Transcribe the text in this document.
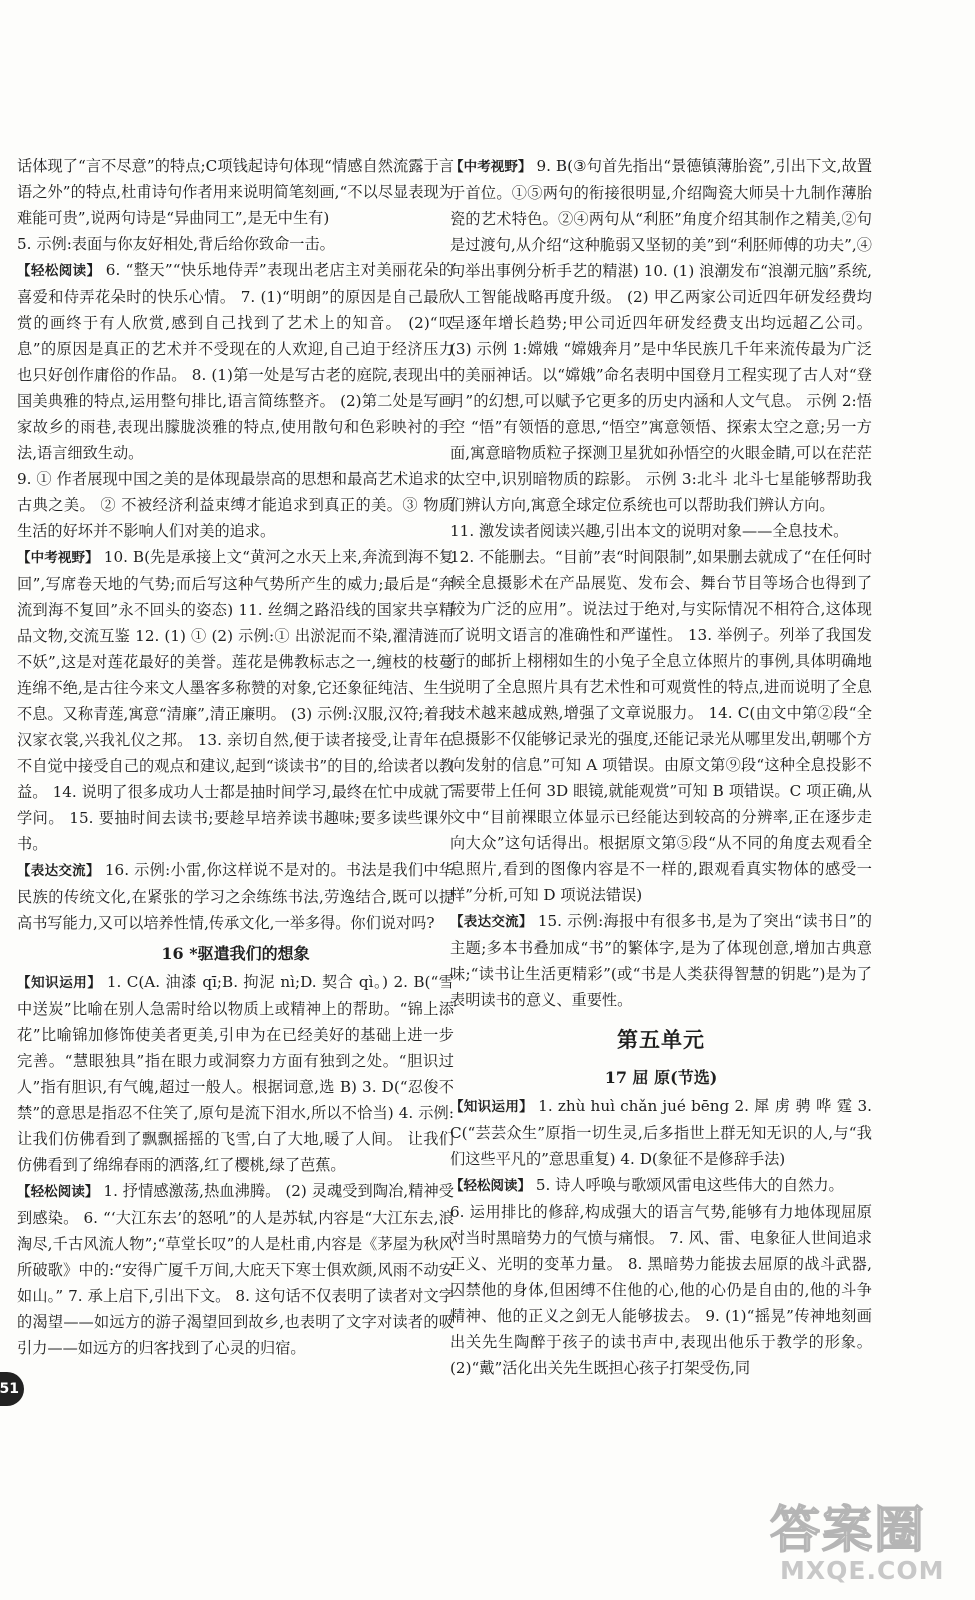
话体现了“言不尽意”的特点;C项钱起诗句体现“情感自然流露于言语之外”的特点,杜甫诗句作者用来说明简笔刻画,“不以尽显表现为难能可贵”,说两句诗是“异曲同工”,是无中生有)

5. 示例:表面与你友好相处,背后给你致命一击。

【轻松阅读】 6. “整天”“快乐地侍弄”表现出老店主对美丽花朵的喜爱和侍弄花朵时的快乐心情。 7. (1)“明朗”的原因是自己最欣赏的画终于有人欣赏,感到自己找到了艺术上的知音。 (2)“叹息”的原因是真正的艺术并不受现在的人欢迎,自己迫于经济压力也只好创作庸俗的作品。 8. (1)第一处是写古老的庭院,表现出中国美典雅的特点,运用整句排比,语言简练整齐。 (2)第二处是写画家故乡的雨巷,表现出朦胧淡雅的特点,使用散句和色彩映衬的手法,语言细致生动。

9. ① 作者展现中国之美的是体现最崇高的思想和最高艺术追求的古典之美。 ② 不被经济利益束缚才能追求到真正的美。③ 物质生活的好坏并不影响人们对美的追求。

【中考视野】 10. B(先是承接上文“黄河之水天上来,奔流到海不复回”,写席卷天地的气势;而后写这种气势所产生的威力;最后是“奔流到海不复回”永不回头的姿态) 11. 丝绸之路沿线的国家共享精品文物,交流互鉴 12. (1) ① (2) 示例:① 出淤泥而不染,濯清涟而不妖”,这是对莲花最好的美誉。莲花是佛教标志之一,缠枝的枝蔓连绵不绝,是古往今来文人墨客多称赞的对象,它还象征纯洁、生生不息。又称青莲,寓意“清廉”,清正廉明。 (3) 示例:汉服,汉符;着我汉家衣裳,兴我礼仪之邦。 13. 亲切自然,便于读者接受,让青年在不自觉中接受自己的观点和建议,起到“谈读书”的目的,给读者以教益。 14. 说明了很多成功人士都是抽时间学习,最终在忙中成就了学问。 15. 要抽时间去读书;要趁早培养读书趣味;要多读些课外书。

【表达交流】 16. 示例:小雷,你这样说不是对的。书法是我们中华民族的传统文化,在紧张的学习之余练练书法,劳逸结合,既可以提高书写能力,又可以培养性情,传承文化,一举多得。你们说对吗?

16 *驱遣我们的想象

【知识运用】 1. C(A. 油漆 qī;B. 拘泥 nì;D. 契合 qì。) 2. B(“雪中送炭”比喻在别人急需时给以物质上或精神上的帮助。“锦上添花”比喻锦加修饰使美者更美,引申为在已经美好的基础上进一步完善。“慧眼独具”指在眼力或洞察力方面有独到之处。“胆识过人”指有胆识,有气魄,超过一般人。根据词意,选 B) 3. D(“忍俊不禁”的意思是指忍不住笑了,原句是流下泪水,所以不恰当) 4. 示例:让我们仿佛看到了飘飘摇摇的飞雪,白了大地,暖了人间。 让我们仿佛看到了绵绵春雨的洒落,红了樱桃,绿了芭蕉。

【轻松阅读】 1. 抒情感激荡,热血沸腾。 (2) 灵魂受到陶冶,精神受到感染。 6. “‘大江东去’的怒吼”的人是苏轼,内容是“大江东去,浪淘尽,千古风流人物”;“草堂长叹”的人是杜甫,内容是《茅屋为秋风所破歌》中的:“安得广厦千万间,大庇天下寒士俱欢颜,风雨不动安如山。” 7. 承上启下,引出下文。 8. 这句话不仅表明了读者对文字的渴望——如远方的游子渴望回到故乡,也表明了文字对读者的吸引力——如远方的归客找到了心灵的归宿。

【中考视野】 9. B(③句首先指出“景德镇薄胎瓷”,引出下文,故置于首位。①⑤两句的衔接很明显,介绍陶瓷大师吴十九制作薄胎瓷的艺术特色。②④两句从“利胚”角度介绍其制作之精美,②句是过渡句,从介绍“这种脆弱又坚韧的美”到“利胚师傅的功夫”,④句举出事例分析手艺的精湛) 10. (1) 浪潮发布“浪潮元脑”系统,人工智能战略再度升级。 (2) 甲乙两家公司近四年研发经费均呈逐年增长趋势;甲公司近四年研发经费支出均远超乙公司。 (3) 示例 1:嫦娥 “嫦娥奔月”是中华民族几千年来流传最为广泛的美丽神话。以“嫦娥”命名表明中国登月工程实现了古人对“登月”的幻想,可以赋予它更多的历史内涵和人文气息。 示例 2:悟空 “悟”有领悟的意思,“悟空”寓意领悟、探索太空之意;另一方面,寓意暗物质粒子探测卫星犹如孙悟空的火眼金睛,可以在茫茫太空中,识别暗物质的踪影。 示例 3:北斗 北斗七星能够帮助我们辨认方向,寓意全球定位系统也可以帮助我们辨认方向。

11. 激发读者阅读兴趣,引出本文的说明对象——全息技术。

12. 不能删去。“目前”表“时间限制”,如果删去就成了“在任何时候全息摄影术在产品展览、发布会、舞台节目等场合也得到了较为广泛的应用”。说法过于绝对,与实际情况不相符合,这体现了说明文语言的准确性和严谨性。 13. 举例子。列举了我国发行的邮折上栩栩如生的小兔子全息立体照片的事例,具体明确地说明了全息照片具有艺术性和可观赏性的特点,进而说明了全息技术越来越成熟,增强了文章说服力。 14. C(由文中第②段“全息摄影不仅能够记录光的强度,还能记录光从哪里发出,朝哪个方向发射的信息”可知 A 项错误。由原文第⑨段“这种全息投影不需要带上任何 3D 眼镜,就能观赏”可知 B 项错误。C 项正确,从文中“目前裸眼立体显示已经能达到较高的分辨率,正在逐步走向大众”这句话得出。根据原文第⑤段“从不同的角度去观看全息照片,看到的图像内容是不一样的,跟观看真实物体的感受一样”分析,可知 D 项说法错误)

【表达交流】 15. 示例:海报中有很多书,是为了突出“读书日”的主题;多本书叠加成“书”的繁体字,是为了体现创意,增加古典意味;“读书让生活更精彩”(或“书是人类获得智慧的钥匙”)是为了表明读书的意义、重要性。

第五单元
17 屈 原(节选)

【知识运用】 1. zhù huì chǎn jué bēng 2. 犀 虏 骋 哗 霆 3. C(“芸芸众生”原指一切生灵,后多指世上群无知无识的人,与“我们这些平凡的”意思重复) 4. D(象征不是修辞手法)

【轻松阅读】 5. 诗人呼唤与歌颂风雷电这些伟大的自然力。

6. 运用排比的修辞,构成强大的语言气势,能够有力地体现屈原对当时黑暗势力的气愤与痛恨。 7. 风、雷、电象征人世间追求正义、光明的变革力量。 8. 黑暗势力能拔去屈原的战斗武器,囚禁他的身体,但困缚不住他的心,他的心仍是自由的,他的斗争精神、他的正义之剑无人能够拔去。 9. (1)“摇晃”传神地刻画出关先生陶醉于孩子的读书声中,表现出他乐于教学的形象。 (2)“戴”活化出关先生既担心孩子打架受伤,同

51
答案圈
MXQE.COM
